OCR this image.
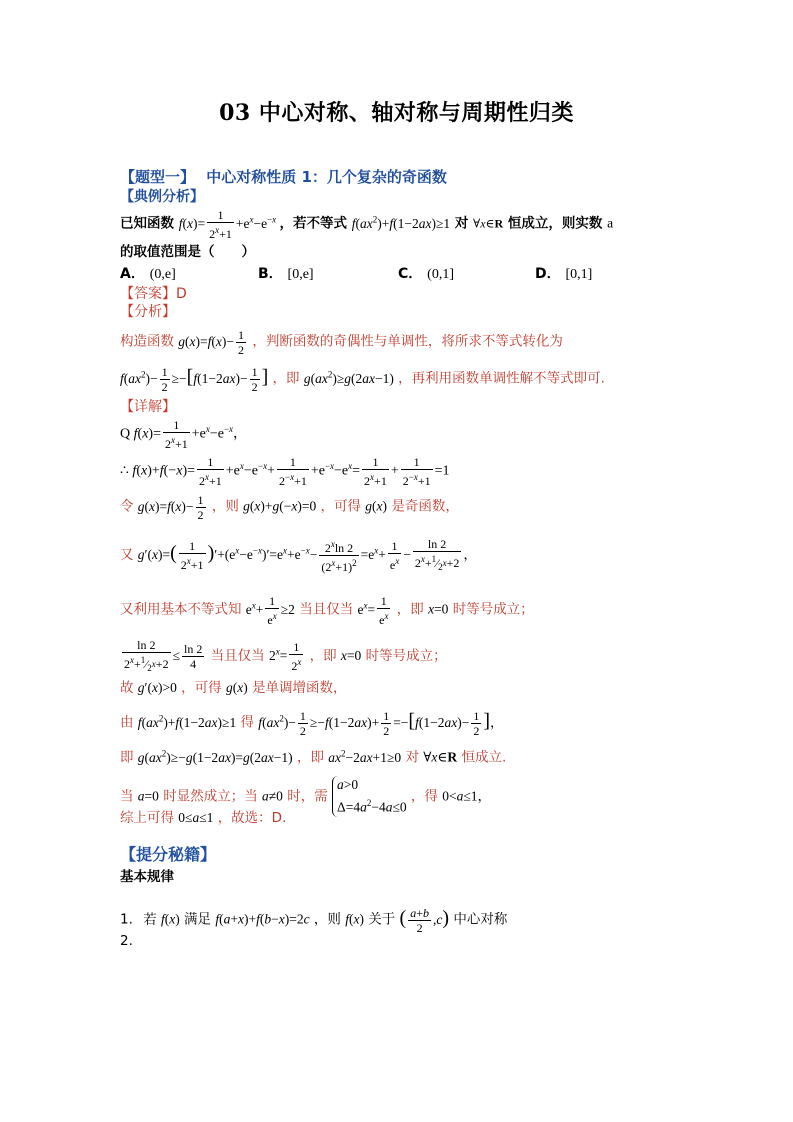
03 中心对称、轴对称与周期性归类
【题型一】 中心对称性质 1：几个复杂的奇函数
【典例分析】
已知函数 $f(x)= \frac{1}{2^x+1} +e^x-e^{-x}$ ，若不等式 $f(ax^2)+f(1-2ax)\ge 1$ 对 ∀x∈R 恒成立，则实数 a
的取值范围是（　　）
A． (0,e]	B． [0,e]	C． (0,1]	D． [0,1]
【答案】D
【分析】
构造函数 $g(x)=f(x)- \frac{1}{2}$ ，判断函数的奇偶性与单调性，将所求不等式转化为
$f(ax^2)- \frac{1}{2} \ge-[f(1-2ax)- \frac{1}{2}$ ] ，即 $g(ax^2)\ge g(2ax-1)$ ，再利用函数单调性解不等式即可.
【详解】
Q $f(x)= \frac{1}{2^x+1} +e^x-e^{-x}$，
∴ $f(x)+f(-x)= \frac{1}{2^x+1} +e^x-e^{-x}+ \frac{1}{2^{-x}+1} +e^{-x}-e^x= \frac{1}{2^x+1} + \frac{1}{2^{-x}+1} =1$
令 $g(x)=f(x)- \frac{1}{2}$ ，则 g(x)+g(−x)=0 ，可得 g(x) 是奇函数，
又 $g'(x)=( \frac{1}{2^x+1} )'+(e^x-e^{-x})'=e^x+e^{-x}- \frac{2^x\ln 2}{(2^x+1)^2} =e^x+ \frac{1}{e^x} - \frac{\ln 2}{2^x+^1⁄_{2^x}+2}$ ，
又利用基本不等式知 $e^x+ \frac{1}{e^x} \ge 2$ 当且仅当 $e^x= \frac{1}{e^x}$ ，即 x=0 时等号成立；
$\frac{\ln 2}{2^x+^1⁄_{2^x}+2} \le \frac{\ln 2}{4}$ 当且仅当 $2^x= \frac{1}{2^x}$ ，即 x=0 时等号成立；
故 g′(x)>0 ，可得 g(x) 是单调增函数，
由 $f(ax^2)+f(1-2ax)\ge 1$ 得 $f(ax^2)- \frac{1}{2} \ge-f(1-2ax)+ \frac{1}{2} =-[f(1-2ax)- \frac{1}{2}$ ]，
即 $g(ax^2)\ge-g(1-2ax)=g(2ax-1)$ ，即 $ax^2-2ax+1\ge 0$ 对 ∀x∈R 恒成立.
当 a=0 时显然成立；当 a≠0 时，需 a>0
$\Delta=4a^2-4a\le 0$ ，得 0<a≤1，
综上可得 0≤a≤1 ，故选：D.
【提分秘籍】
基本规律
1. 若 f(x) 满足 f(a+x)+f(b−x)=2c ，则 f(x) 关于 ( $\frac{a+b}{2} ,c$) 中心对称
2.
